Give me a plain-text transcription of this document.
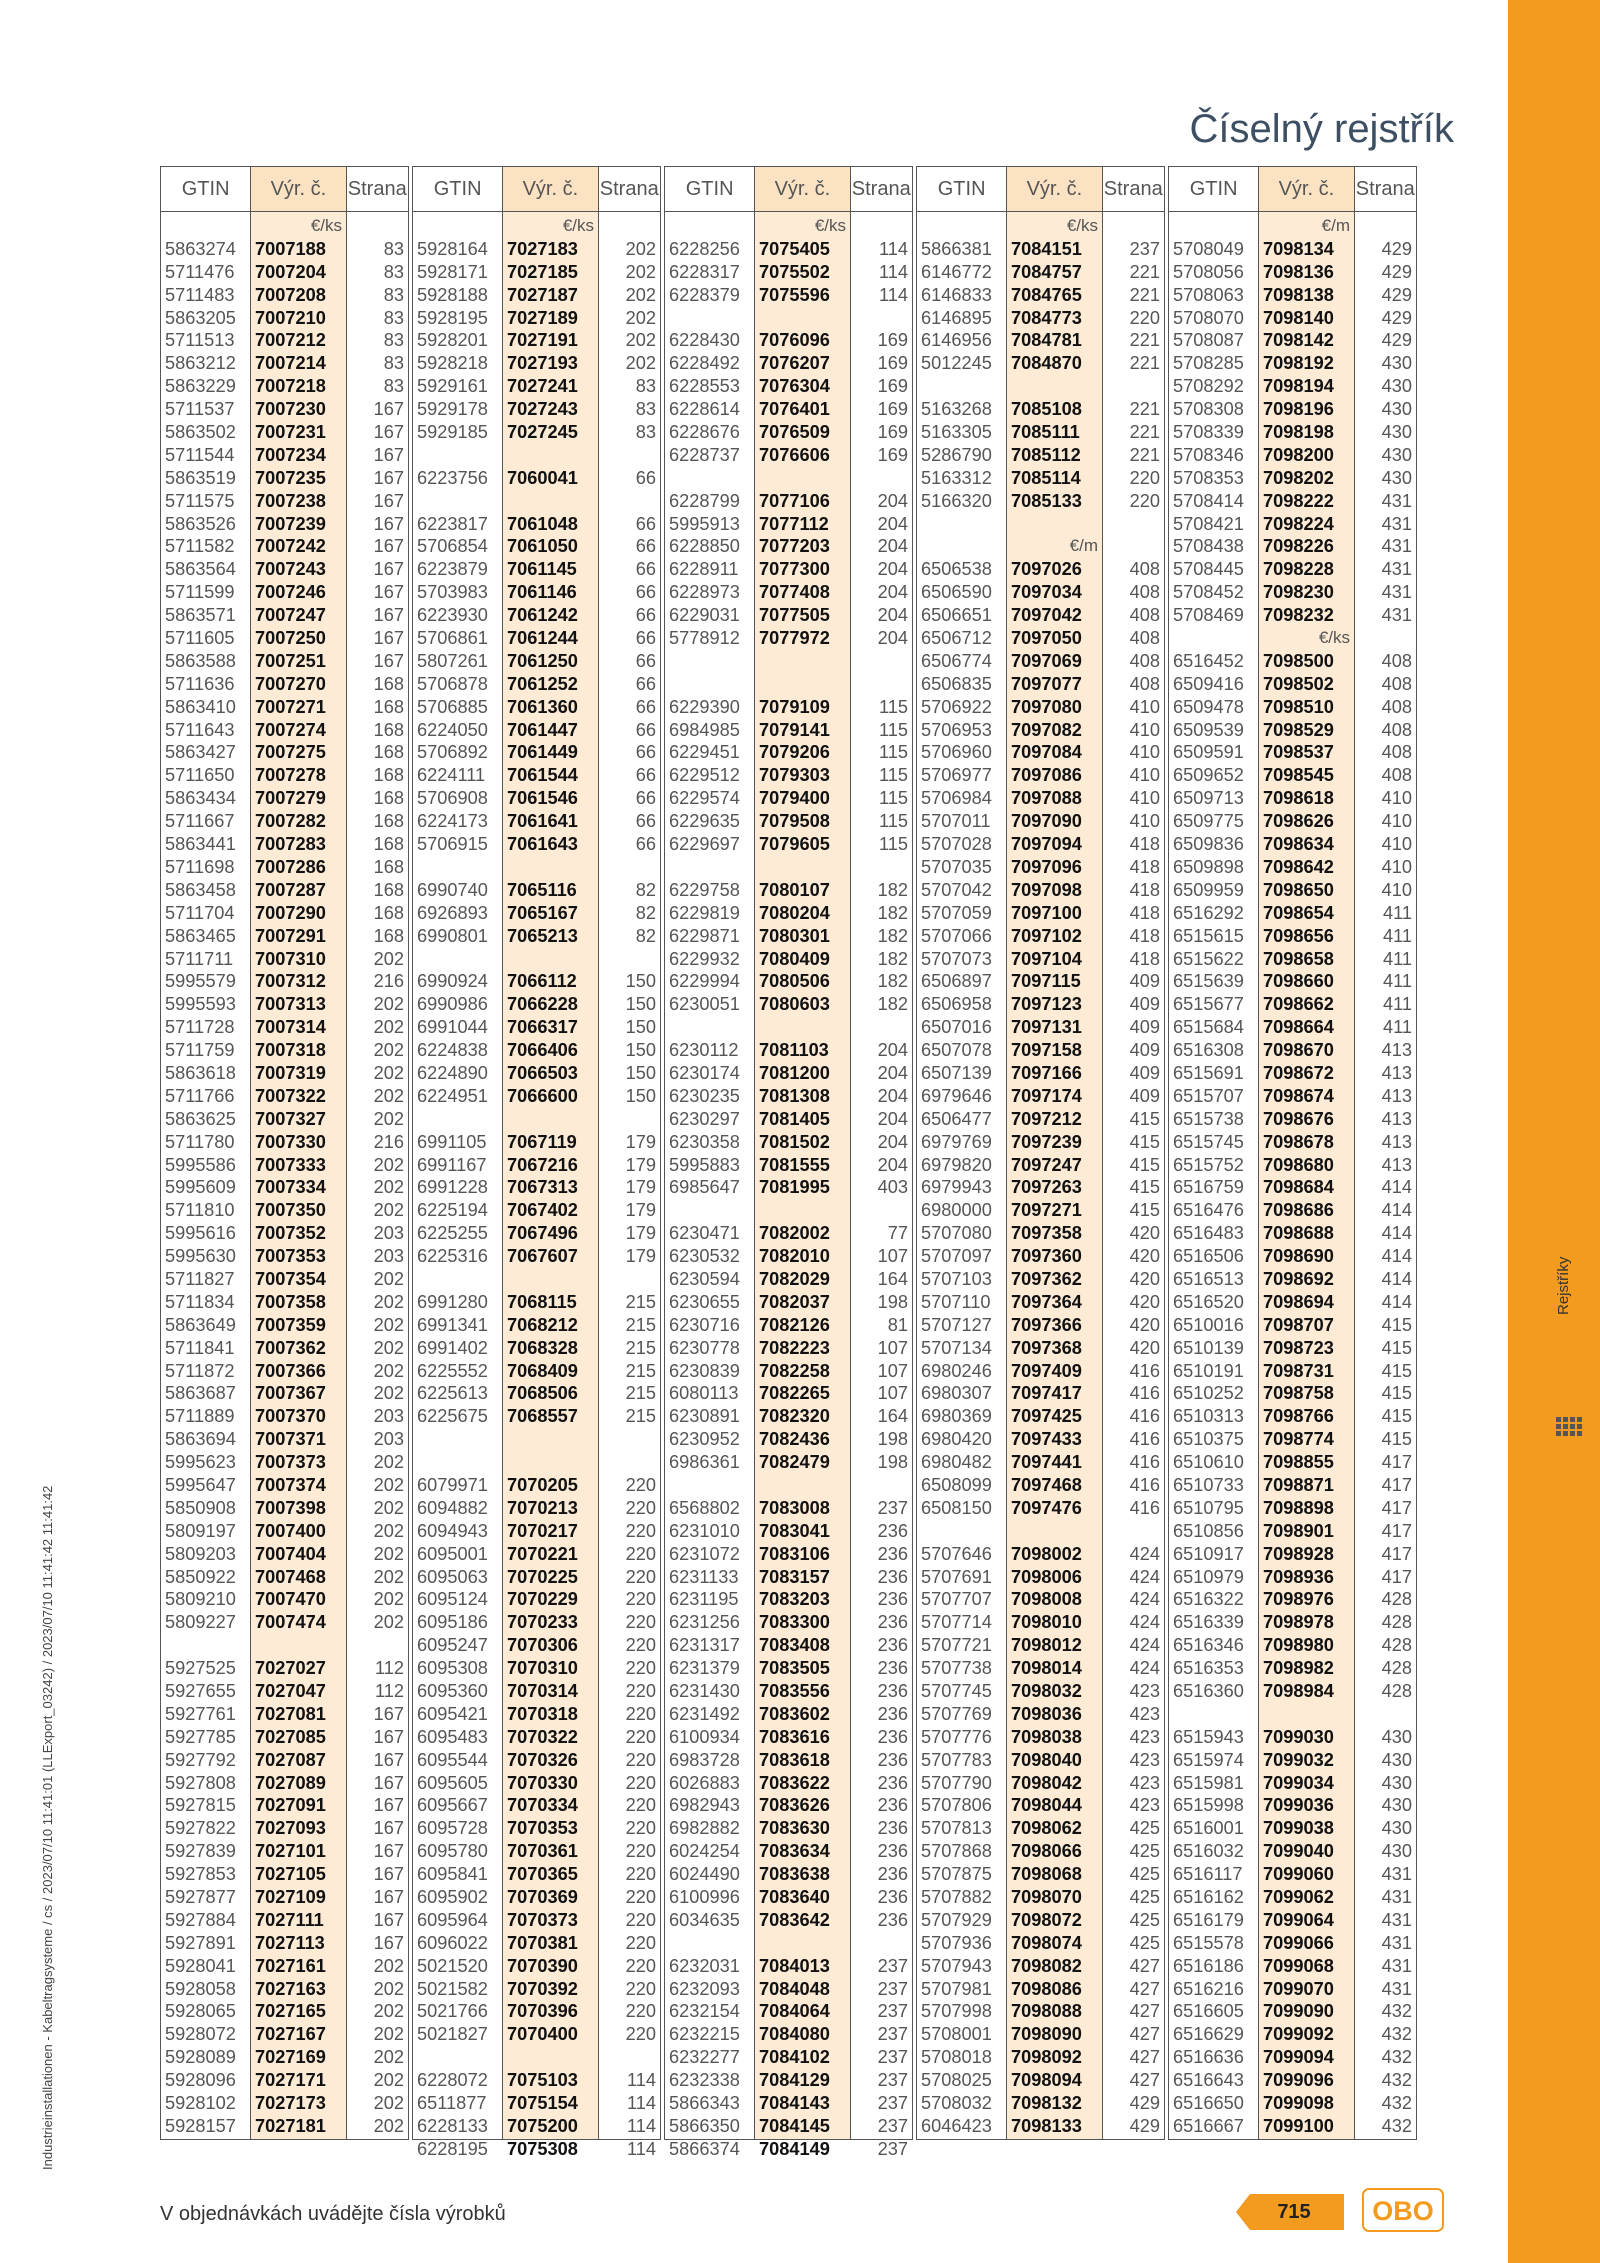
Rejstříky
Číselný rejstřík
Industrieinstallationen - Kabeltragsysteme / cs / 2023/07/10 11:41:01 (LLExport_03242) / 2023/07/10 11:41:42 11:41:42
GTIN	Výr. č.	Strana
€/ks
5863274	7007188	83
5711476	7007204	83
5711483	7007208	83
5863205	7007210	83
5711513	7007212	83
5863212	7007214	83
5863229	7007218	83
5711537	7007230	167
5863502	7007231	167
5711544	7007234	167
5863519	7007235	167
5711575	7007238	167
5863526	7007239	167
5711582	7007242	167
5863564	7007243	167
5711599	7007246	167
5863571	7007247	167
5711605	7007250	167
5863588	7007251	167
5711636	7007270	168
5863410	7007271	168
5711643	7007274	168
5863427	7007275	168
5711650	7007278	168
5863434	7007279	168
5711667	7007282	168
5863441	7007283	168
5711698	7007286	168
5863458	7007287	168
5711704	7007290	168
5863465	7007291	168
5711711	7007310	202
5995579	7007312	216
5995593	7007313	202
5711728	7007314	202
5711759	7007318	202
5863618	7007319	202
5711766	7007322	202
5863625	7007327	202
5711780	7007330	216
5995586	7007333	202
5995609	7007334	202
5711810	7007350	202
5995616	7007352	203
5995630	7007353	203
5711827	7007354	202
5711834	7007358	202
5863649	7007359	202
5711841	7007362	202
5711872	7007366	202
5863687	7007367	202
5711889	7007370	203
5863694	7007371	203
5995623	7007373	202
5995647	7007374	202
5850908	7007398	202
5809197	7007400	202
5809203	7007404	202
5850922	7007468	202
5809210	7007470	202
5809227	7007474	202
5927525	7027027	112
5927655	7027047	112
5927761	7027081	167
5927785	7027085	167
5927792	7027087	167
5927808	7027089	167
5927815	7027091	167
5927822	7027093	167
5927839	7027101	167
5927853	7027105	167
5927877	7027109	167
5927884	7027111	167
5927891	7027113	167
5928041	7027161	202
5928058	7027163	202
5928065	7027165	202
5928072	7027167	202
5928089	7027169	202
5928096	7027171	202
5928102	7027173	202
5928157	7027181	202
GTIN	Výr. č.	Strana
€/ks
5928164	7027183	202
5928171	7027185	202
5928188	7027187	202
5928195	7027189	202
5928201	7027191	202
5928218	7027193	202
5929161	7027241	83
5929178	7027243	83
5929185	7027245	83
6223756	7060041	66
6223817	7061048	66
5706854	7061050	66
6223879	7061145	66
5703983	7061146	66
6223930	7061242	66
5706861	7061244	66
5807261	7061250	66
5706878	7061252	66
5706885	7061360	66
6224050	7061447	66
5706892	7061449	66
6224111	7061544	66
5706908	7061546	66
6224173	7061641	66
5706915	7061643	66
6990740	7065116	82
6926893	7065167	82
6990801	7065213	82
6990924	7066112	150
6990986	7066228	150
6991044	7066317	150
6224838	7066406	150
6224890	7066503	150
6224951	7066600	150
6991105	7067119	179
6991167	7067216	179
6991228	7067313	179
6225194	7067402	179
6225255	7067496	179
6225316	7067607	179
6991280	7068115	215
6991341	7068212	215
6991402	7068328	215
6225552	7068409	215
6225613	7068506	215
6225675	7068557	215
6079971	7070205	220
6094882	7070213	220
6094943	7070217	220
6095001	7070221	220
6095063	7070225	220
6095124	7070229	220
6095186	7070233	220
6095247	7070306	220
6095308	7070310	220
6095360	7070314	220
6095421	7070318	220
6095483	7070322	220
6095544	7070326	220
6095605	7070330	220
6095667	7070334	220
6095728	7070353	220
6095780	7070361	220
6095841	7070365	220
6095902	7070369	220
6095964	7070373	220
6096022	7070381	220
5021520	7070390	220
5021582	7070392	220
5021766	7070396	220
5021827	7070400	220
6228072	7075103	114
6511877	7075154	114
6228133	7075200	114
6228195	7075308	114
GTIN	Výr. č.	Strana
€/ks
6228256	7075405	114
6228317	7075502	114
6228379	7075596	114
6228430	7076096	169
6228492	7076207	169
6228553	7076304	169
6228614	7076401	169
6228676	7076509	169
6228737	7076606	169
6228799	7077106	204
5995913	7077112	204
6228850	7077203	204
6228911	7077300	204
6228973	7077408	204
6229031	7077505	204
5778912	7077972	204
6229390	7079109	115
6984985	7079141	115
6229451	7079206	115
6229512	7079303	115
6229574	7079400	115
6229635	7079508	115
6229697	7079605	115
6229758	7080107	182
6229819	7080204	182
6229871	7080301	182
6229932	7080409	182
6229994	7080506	182
6230051	7080603	182
6230112	7081103	204
6230174	7081200	204
6230235	7081308	204
6230297	7081405	204
6230358	7081502	204
5995883	7081555	204
6985647	7081995	403
6230471	7082002	77
6230532	7082010	107
6230594	7082029	164
6230655	7082037	198
6230716	7082126	81
6230778	7082223	107
6230839	7082258	107
6080113	7082265	107
6230891	7082320	164
6230952	7082436	198
6986361	7082479	198
6568802	7083008	237
6231010	7083041	236
6231072	7083106	236
6231133	7083157	236
6231195	7083203	236
6231256	7083300	236
6231317	7083408	236
6231379	7083505	236
6231430	7083556	236
6231492	7083602	236
6100934	7083616	236
6983728	7083618	236
6026883	7083622	236
6982943	7083626	236
6982882	7083630	236
6024254	7083634	236
6024490	7083638	236
6100996	7083640	236
6034635	7083642	236
6232031	7084013	237
6232093	7084048	237
6232154	7084064	237
6232215	7084080	237
6232277	7084102	237
6232338	7084129	237
5866343	7084143	237
5866350	7084145	237
5866374	7084149	237
GTIN	Výr. č.	Strana
€/ks
5866381	7084151	237
6146772	7084757	221
6146833	7084765	221
6146895	7084773	220
6146956	7084781	221
5012245	7084870	221
5163268	7085108	221
5163305	7085111	221
5286790	7085112	221
5163312	7085114	220
5166320	7085133	220
€/m
6506538	7097026	408
6506590	7097034	408
6506651	7097042	408
6506712	7097050	408
6506774	7097069	408
6506835	7097077	408
5706922	7097080	410
5706953	7097082	410
5706960	7097084	410
5706977	7097086	410
5706984	7097088	410
5707011	7097090	410
5707028	7097094	418
5707035	7097096	418
5707042	7097098	418
5707059	7097100	418
5707066	7097102	418
5707073	7097104	418
6506897	7097115	409
6506958	7097123	409
6507016	7097131	409
6507078	7097158	409
6507139	7097166	409
6979646	7097174	409
6506477	7097212	415
6979769	7097239	415
6979820	7097247	415
6979943	7097263	415
6980000	7097271	415
5707080	7097358	420
5707097	7097360	420
5707103	7097362	420
5707110	7097364	420
5707127	7097366	420
5707134	7097368	420
6980246	7097409	416
6980307	7097417	416
6980369	7097425	416
6980420	7097433	416
6980482	7097441	416
6508099	7097468	416
6508150	7097476	416
5707646	7098002	424
5707691	7098006	424
5707707	7098008	424
5707714	7098010	424
5707721	7098012	424
5707738	7098014	424
5707745	7098032	423
5707769	7098036	423
5707776	7098038	423
5707783	7098040	423
5707790	7098042	423
5707806	7098044	423
5707813	7098062	425
5707868	7098066	425
5707875	7098068	425
5707882	7098070	425
5707929	7098072	425
5707936	7098074	425
5707943	7098082	427
5707981	7098086	427
5707998	7098088	427
5708001	7098090	427
5708018	7098092	427
5708025	7098094	427
5708032	7098132	429
6046423	7098133	429
GTIN	Výr. č.	Strana
€/m
5708049	7098134	429
5708056	7098136	429
5708063	7098138	429
5708070	7098140	429
5708087	7098142	429
5708285	7098192	430
5708292	7098194	430
5708308	7098196	430
5708339	7098198	430
5708346	7098200	430
5708353	7098202	430
5708414	7098222	431
5708421	7098224	431
5708438	7098226	431
5708445	7098228	431
5708452	7098230	431
5708469	7098232	431
€/ks
6516452	7098500	408
6509416	7098502	408
6509478	7098510	408
6509539	7098529	408
6509591	7098537	408
6509652	7098545	408
6509713	7098618	410
6509775	7098626	410
6509836	7098634	410
6509898	7098642	410
6509959	7098650	410
6516292	7098654	411
6515615	7098656	411
6515622	7098658	411
6515639	7098660	411
6515677	7098662	411
6515684	7098664	411
6516308	7098670	413
6515691	7098672	413
6515707	7098674	413
6515738	7098676	413
6515745	7098678	413
6515752	7098680	413
6516759	7098684	414
6516476	7098686	414
6516483	7098688	414
6516506	7098690	414
6516513	7098692	414
6516520	7098694	414
6510016	7098707	415
6510139	7098723	415
6510191	7098731	415
6510252	7098758	415
6510313	7098766	415
6510375	7098774	415
6510610	7098855	417
6510733	7098871	417
6510795	7098898	417
6510856	7098901	417
6510917	7098928	417
6510979	7098936	417
6516322	7098976	428
6516339	7098978	428
6516346	7098980	428
6516353	7098982	428
6516360	7098984	428
6515943	7099030	430
6515974	7099032	430
6515981	7099034	430
6515998	7099036	430
6516001	7099038	430
6516032	7099040	430
6516117	7099060	431
6516162	7099062	431
6516179	7099064	431
6515578	7099066	431
6516186	7099068	431
6516216	7099070	431
6516605	7099090	432
6516629	7099092	432
6516636	7099094	432
6516643	7099096	432
6516650	7099098	432
6516667	7099100	432
V objednávkách uvádějte čísla výrobků	715	OBO
